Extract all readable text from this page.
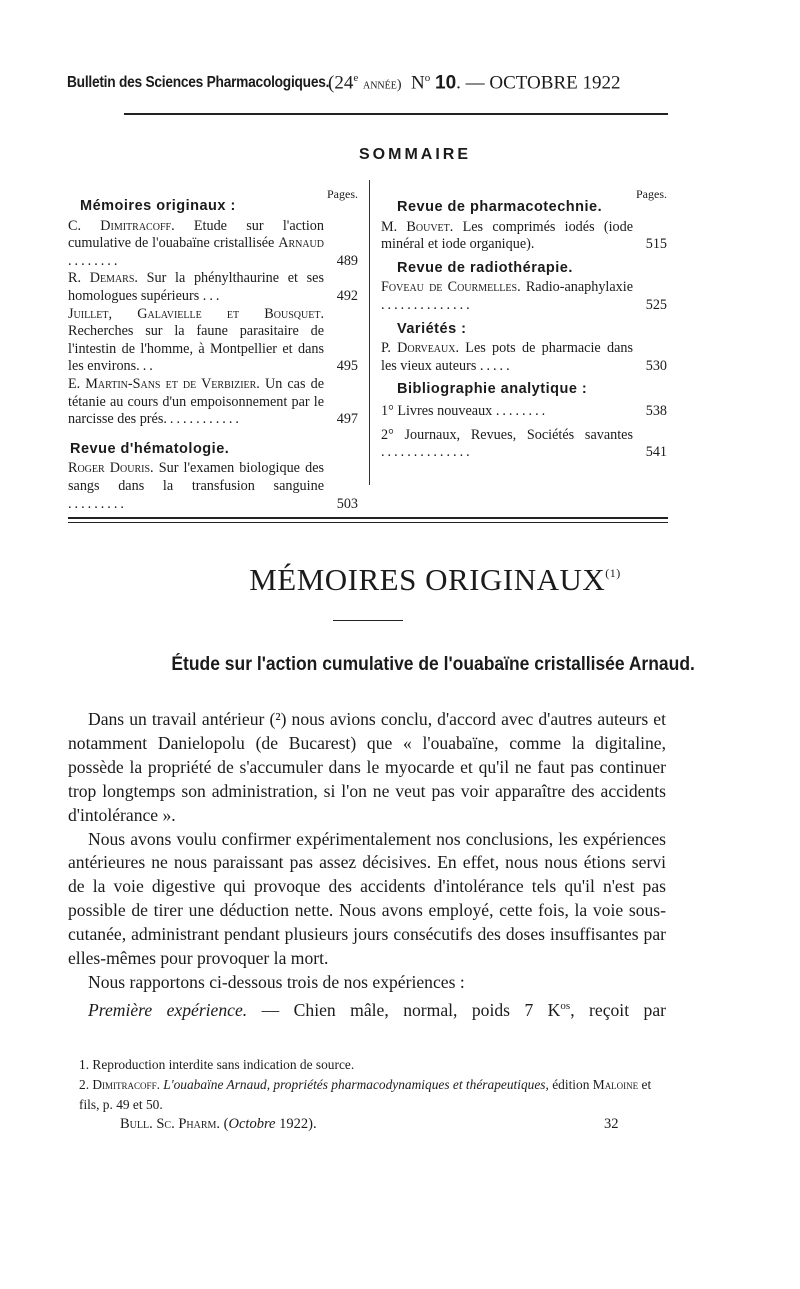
Bulletin des Sciences Pharmacologiques.
(24e année) $N^o$ 10. — OCTOBRE 1922
SOMMAIRE
Pages.
Mémoires originaux :

C. Dimitracoff. Etude sur l'action cumulative de l'ouabaïne cristallisée Arnaud ........	489

R. Demars. Sur la phénylthaurine et ses homologues supérieurs ...	492

Juillet, Galavielle et Bousquet. Recherches sur la faune parasitaire de l'intestin de l'homme, à Montpellier et dans les environs...	495

E. Martin-Sans et de Verbizier. Un cas de tétanie au cours d'un empoisonnement par le narcisse des prés............	497
Revue d'hématologie.

Roger Douris. Sur l'examen biologique des sangs dans la transfusion sanguine .........	503
Pages.
Revue de pharmacotechnie.

M. Bouvet. Les comprimés iodés (iode minéral et iode organique).	515
Revue de radiothérapie.

Foveau de Courmelles. Radio-anaphylaxie ..............	525
Variétés :

P. Dorveaux. Les pots de pharmacie dans les vieux auteurs .....	530
Bibliographie analytique :

1° Livres nouveaux ........	538

2° Journaux, Revues, Sociétés savantes ..............	541
MÉMOIRES ORIGINAUX$^{(1)}$
Étude sur l'action cumulative de l'ouabaïne cristallisée Arnaud.

Dans un travail antérieur (²) nous avions conclu, d'accord avec d'autres auteurs et notamment Danielopolu (de Bucarest) que « l'ouabaïne, comme la digitaline, possède la propriété de s'accumuler dans le myocarde et qu'il ne faut pas continuer trop longtemps son administration, si l'on ne veut pas voir apparaître des accidents d'intolérance ».

Nous avons voulu confirmer expérimentalement nos conclusions, les expériences antérieures ne nous paraissant pas assez décisives. En effet, nous nous étions servi de la voie digestive qui provoque des accidents d'intolérance tels qu'il n'est pas possible de tirer une déduction nette. Nous avons employé, cette fois, la voie sous-cutanée, administrant pendant plusieurs jours consécutifs des doses insuffisantes par elles-mêmes pour provoquer la mort.

Nous rapportons ci-dessous trois de nos expériences :

Première expérience. — Chien mâle, normal, poids 7 $K^{os}$, reçoit par

1. Reproduction interdite sans indication de source.

2. Dimitracoff. L'ouabaïne Arnaud, propriétés pharmacodynamiques et thérapeutiques, édition Maloine et fils, p. 49 et 50.

Bull. Sc. Pharm. (Octobre 1922).	32
